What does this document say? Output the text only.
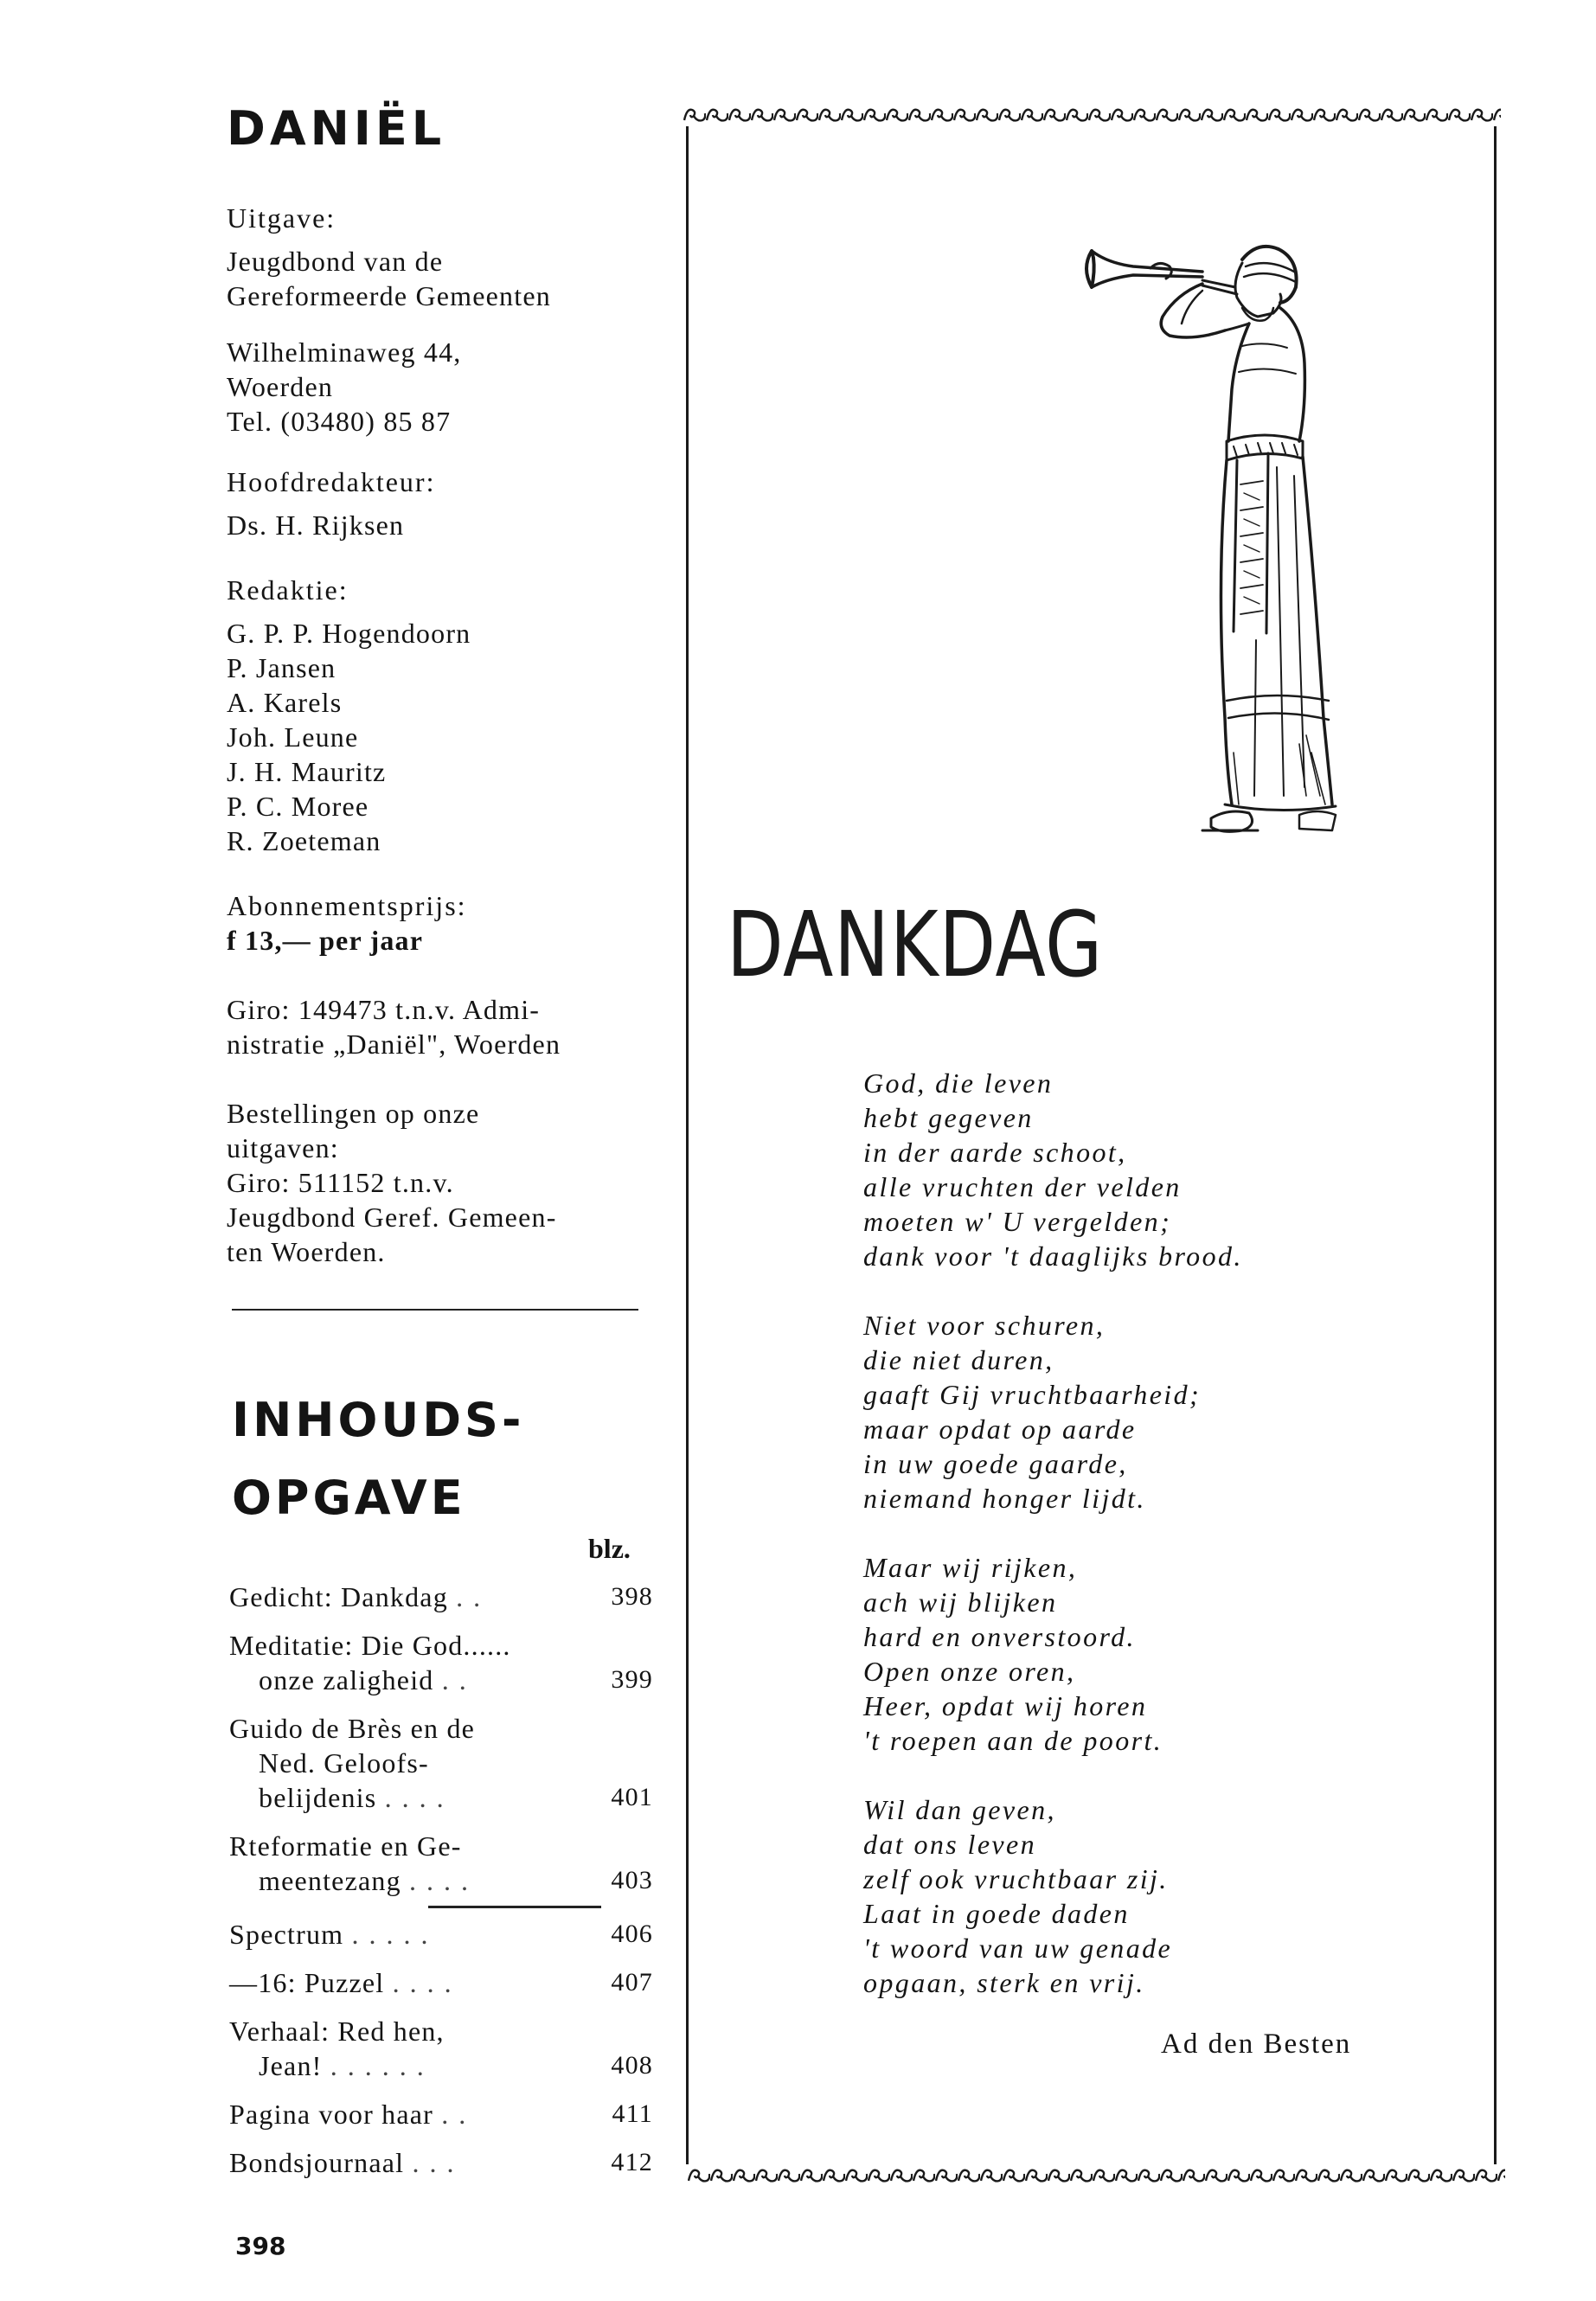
DANIËL
Uitgave:
Jeugdbond van de
Gereformeerde Gemeenten
Wilhelminaweg 44,
Woerden
Tel. (03480) 85 87
Hoofdredakteur:
Ds. H. Rijksen
Redaktie:
G. P. P. Hogendoorn
P. Jansen
A. Karels
Joh. Leune
J. H. Mauritz
P. C. Moree
R. Zoeteman
Abonnementsprijs:
f 13,— per jaar
Giro: 149473 t.n.v. Admi-
nistratie „Daniël", Woerden
Bestellingen op onze
uitgaven:
Giro: 511152 t.n.v.
Jeugdbond Geref. Gemeen-
ten Woerden.
INHOUDS-
OPGAVE
blz.
Gedicht: Dankdag ..	398
Meditatie: Die God......
onze zaligheid ..	399
Guido de Brès en de
Ned. Geloofs-
belijdenis ....	401
Rteformatie en Ge-
meentezang ....	403
Spectrum .....	406
—16: Puzzel ....	407
Verhaal: Red hen,
Jean! ......	408
Pagina voor haar ..	411
Bondsjournaal ...	412
398
DANKDAG
God, die leven
hebt gegeven
in der aarde schoot,
alle vruchten der velden
moeten w' U vergelden;
dank voor 't daaglijks brood.
Niet voor schuren,
die niet duren,
gaaft Gij vruchtbaarheid;
maar opdat op aarde
in uw goede gaarde,
niemand honger lijdt.
Maar wij rijken,
ach wij blijken
hard en onverstoord.
Open onze oren,
Heer, opdat wij horen
't roepen aan de poort.
Wil dan geven,
dat ons leven
zelf ook vruchtbaar zij.
Laat in goede daden
't woord van uw genade
opgaan, sterk en vrij.
Ad den Besten
